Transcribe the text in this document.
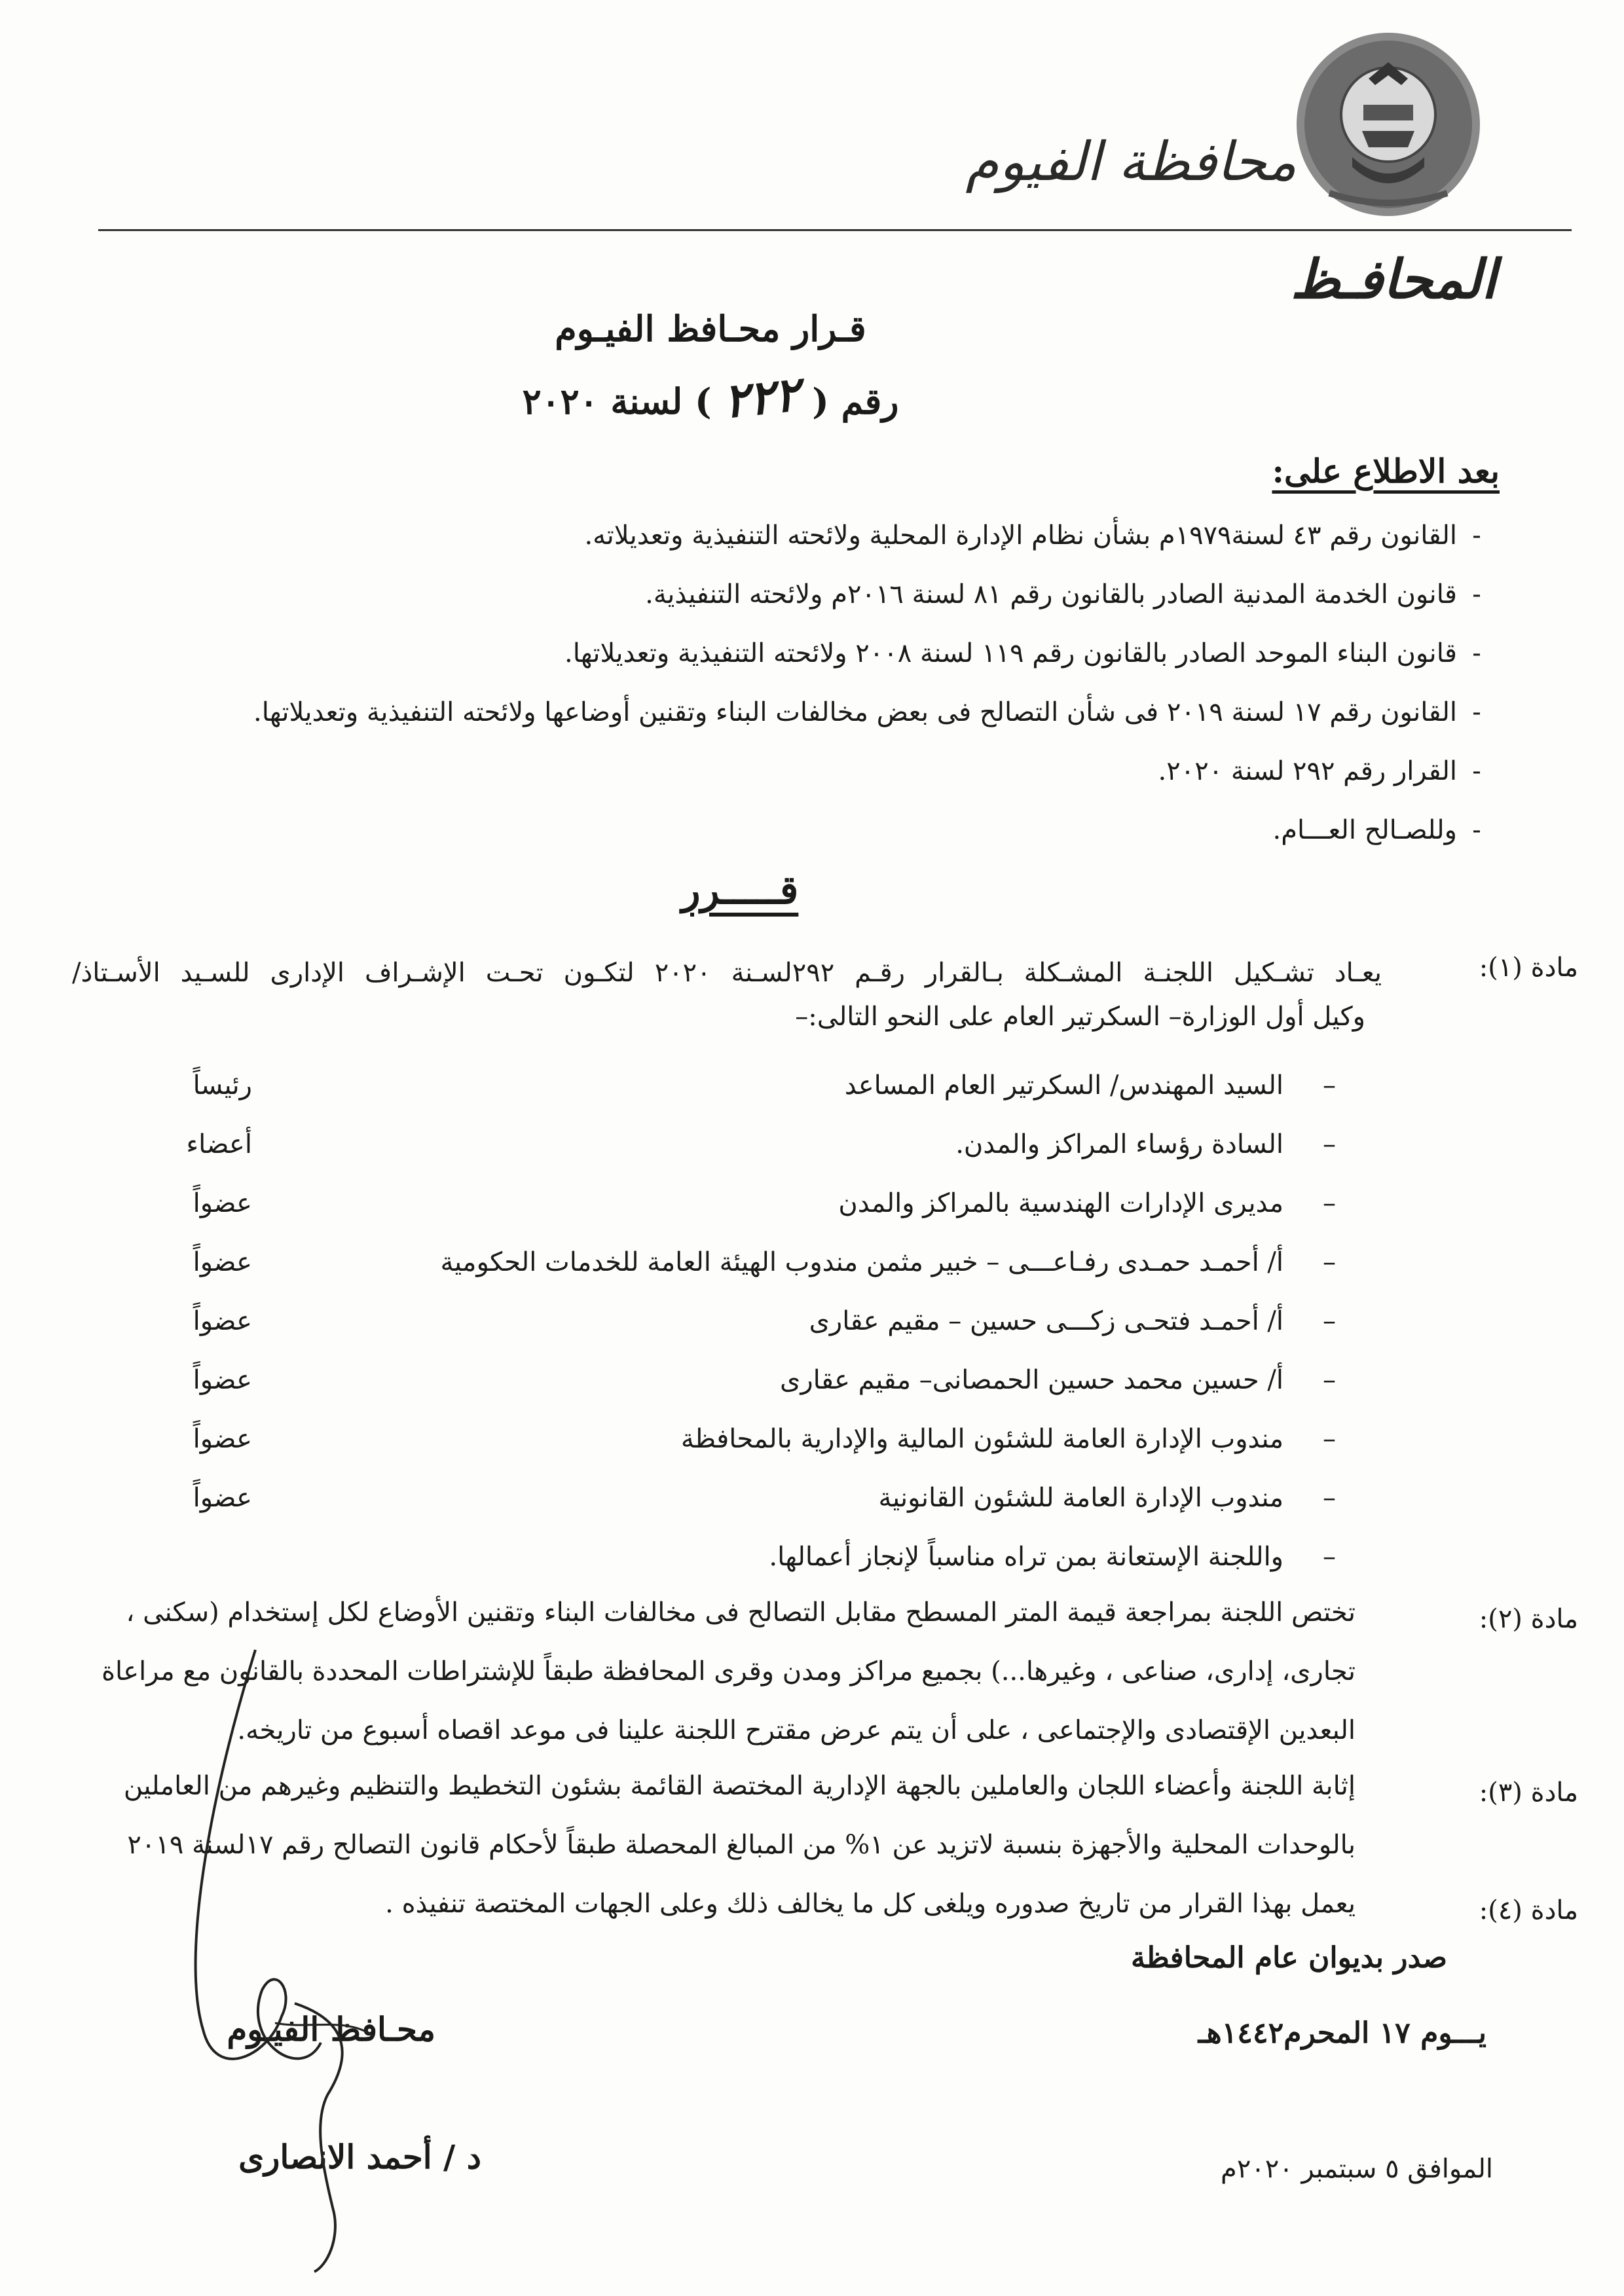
محافظة الفيوم
المحافـظ
قـرار محـافظ الفيـوم
رقم ( ٢٢٢ ) لسنة ٢٠٢٠
بعد الاطلاع على:
-القانون رقم ٤٣ لسنة١٩٧٩م بشأن نظام الإدارة المحلية ولائحته التنفيذية وتعديلاته.
-قانون الخدمة المدنية الصادر بالقانون رقم ٨١ لسنة ٢٠١٦م ولائحته التنفيذية.
-قانون البناء الموحد الصادر بالقانون رقم ١١٩ لسنة ٢٠٠٨ ولائحته التنفيذية وتعديلاتها.
-القانون رقم ١٧ لسنة ٢٠١٩ فى شأن التصالح فى بعض مخالفات البناء وتقنين أوضاعها ولائحته التنفيذية وتعديلاتها.
-القرار رقم ٢٩٢ لسنة ٢٠٢٠.
-وللصـالح العـــام.
قـــــرر
مادة (١):
يعـاد تشـكيل اللجنـة المشـكلة بـالقرار رقـم ٢٩٢لسـنة ٢٠٢٠ لتكـون تحـت الإشـراف الإدارى للسـيد الأسـتاذ/
وكيل أول الوزارة– السكرتير العام على النحو التالى:–
–
السيد المهندس/ السكرتير العام المساعد
رئيساً
–
السادة رؤساء المراكز والمدن.
أعضاء
–
مديرى الإدارات الهندسية بالمراكز والمدن
عضواً
–
أ/ أحمـد حمـدى رفـاعـــى – خبير مثمن مندوب الهيئة العامة للخدمات الحكومية
عضواً
–
أ/ أحمـد فتحـى زكـــى حسين – مقيم عقارى
عضواً
–
أ/ حسين محمد حسين الحمصانى– مقيم عقارى
عضواً
–
مندوب الإدارة العامة للشئون المالية والإدارية بالمحافظة
عضواً
–
مندوب الإدارة العامة للشئون القانونية
عضواً
–
واللجنة الإستعانة بمن تراه مناسباً لإنجاز أعمالها.
مادة (٢):
تختص اللجنة بمراجعة قيمة المتر المسطح مقابل التصالح فى مخالفات البناء وتقنين الأوضاع لكل إستخدام (سكنى ،
تجارى، إدارى، صناعى ، وغيرها...) بجميع مراكز ومدن وقرى المحافظة طبقاً للإشتراطات المحددة بالقانون مع مراعاة
البعدين الإقتصادى والإجتماعى ، على أن يتم عرض مقترح اللجنة علينا فى موعد اقصاه أسبوع من تاريخه.
مادة (٣):
إثابة اللجنة وأعضاء اللجان والعاملين بالجهة الإدارية المختصة القائمة بشئون التخطيط والتنظيم وغيرهم من العاملين
بالوحدات المحلية والأجهزة بنسبة لاتزيد عن ١% من المبالغ المحصلة طبقاً لأحكام قانون التصالح رقم ١٧لسنة ٢٠١٩
مادة (٤):
يعمل بهذا القرار من تاريخ صدوره ويلغى كل ما يخالف ذلك وعلى الجهات المختصة تنفيذه .
صدر بديوان عام المحافظة
يـــوم ١٧ المحرم١٤٤٢هـ
محـافظ الفيـوم
د / أحمد الانصارى	الموافق ٥ سبتمبر ٢٠٢٠م
